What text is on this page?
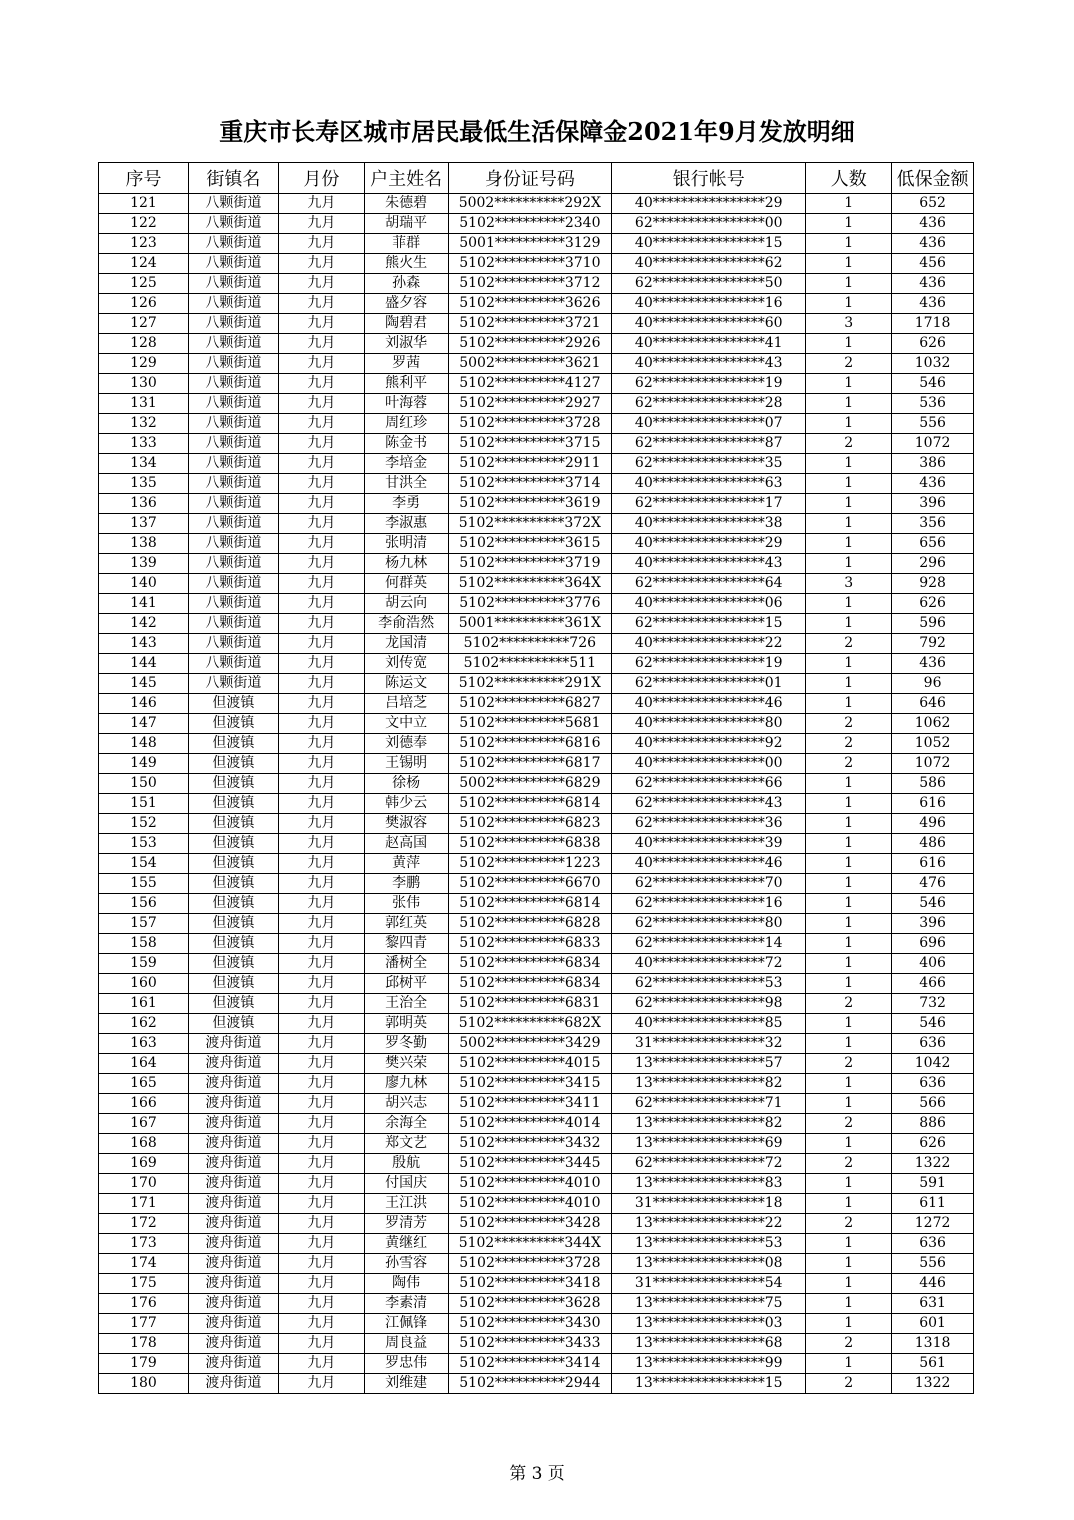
重庆市长寿区城市居民最低生活保障金2021年9月发放明细
序号	街镇名	月份	户主姓名	身份证号码	银行帐号	人数	低保金额
121	八颗街道	九月	朱德碧	5002**********292X	40****************29	1	652
122	八颗街道	九月	胡瑞平	5102**********2340	62****************00	1	436
123	八颗街道	九月	菲群	5001**********3129	40****************15	1	436
124	八颗街道	九月	熊火生	5102**********3710	40****************62	1	456
125	八颗街道	九月	孙森	5102**********3712	62****************50	1	436
126	八颗街道	九月	盛夕容	5102**********3626	40****************16	1	436
127	八颗街道	九月	陶碧君	5102**********3721	40****************60	3	1718
128	八颗街道	九月	刘淑华	5102**********2926	40****************41	1	626
129	八颗街道	九月	罗茜	5002**********3621	40****************43	2	1032
130	八颗街道	九月	熊利平	5102**********4127	62****************19	1	546
131	八颗街道	九月	叶海蓉	5102**********2927	62****************28	1	536
132	八颗街道	九月	周红珍	5102**********3728	40****************07	1	556
133	八颗街道	九月	陈金书	5102**********3715	62****************87	2	1072
134	八颗街道	九月	李培金	5102**********2911	62****************35	1	386
135	八颗街道	九月	甘洪全	5102**********3714	40****************63	1	436
136	八颗街道	九月	李勇	5102**********3619	62****************17	1	396
137	八颗街道	九月	李淑惠	5102**********372X	40****************38	1	356
138	八颗街道	九月	张明清	5102**********3615	40****************29	1	656
139	八颗街道	九月	杨九林	5102**********3719	40****************43	1	296
140	八颗街道	九月	何群英	5102**********364X	62****************64	3	928
141	八颗街道	九月	胡云向	5102**********3776	40****************06	1	626
142	八颗街道	九月	李俞浩然	5001**********361X	62****************15	1	596
143	八颗街道	九月	龙国清	5102**********726	40****************22	2	792
144	八颗街道	九月	刘传宽	5102**********511	62****************19	1	436
145	八颗街道	九月	陈运文	5102**********291X	62****************01	1	96
146	但渡镇	九月	吕培芝	5102**********6827	40****************46	1	646
147	但渡镇	九月	文中立	5102**********5681	40****************80	2	1062
148	但渡镇	九月	刘德奉	5102**********6816	40****************92	2	1052
149	但渡镇	九月	王锡明	5102**********6817	40****************00	2	1072
150	但渡镇	九月	徐杨	5002**********6829	62****************66	1	586
151	但渡镇	九月	韩少云	5102**********6814	62****************43	1	616
152	但渡镇	九月	樊淑容	5102**********6823	62****************36	1	496
153	但渡镇	九月	赵高国	5102**********6838	40****************39	1	486
154	但渡镇	九月	黄萍	5102**********1223	40****************46	1	616
155	但渡镇	九月	李鹏	5102**********6670	62****************70	1	476
156	但渡镇	九月	张伟	5102**********6814	62****************16	1	546
157	但渡镇	九月	郭红英	5102**********6828	62****************80	1	396
158	但渡镇	九月	黎四青	5102**********6833	62****************14	1	696
159	但渡镇	九月	潘树全	5102**********6834	40****************72	1	406
160	但渡镇	九月	邱树平	5102**********6834	62****************53	1	466
161	但渡镇	九月	王治全	5102**********6831	62****************98	2	732
162	但渡镇	九月	郭明英	5102**********682X	40****************85	1	546
163	渡舟街道	九月	罗冬勤	5002**********3429	31****************32	1	636
164	渡舟街道	九月	樊兴荣	5102**********4015	13****************57	2	1042
165	渡舟街道	九月	廖九林	5102**********3415	13****************82	1	636
166	渡舟街道	九月	胡兴志	5102**********3411	62****************71	1	566
167	渡舟街道	九月	余海全	5102**********4014	13****************82	2	886
168	渡舟街道	九月	郑文艺	5102**********3432	13****************69	1	626
169	渡舟街道	九月	殷航	5102**********3445	62****************72	2	1322
170	渡舟街道	九月	付国庆	5102**********4010	13****************83	1	591
171	渡舟街道	九月	王江洪	5102**********4010	31****************18	1	611
172	渡舟街道	九月	罗清芳	5102**********3428	13****************22	2	1272
173	渡舟街道	九月	黄继红	5102**********344X	13****************53	1	636
174	渡舟街道	九月	孙雪容	5102**********3728	13****************08	1	556
175	渡舟街道	九月	陶伟	5102**********3418	31****************54	1	446
176	渡舟街道	九月	李素清	5102**********3628	13****************75	1	631
177	渡舟街道	九月	江佩锋	5102**********3430	13****************03	1	601
178	渡舟街道	九月	周良益	5102**********3433	13****************68	2	1318
179	渡舟街道	九月	罗忠伟	5102**********3414	13****************99	1	561
180	渡舟街道	九月	刘维建	5102**********2944	13****************15	2	1322
第 3 页
